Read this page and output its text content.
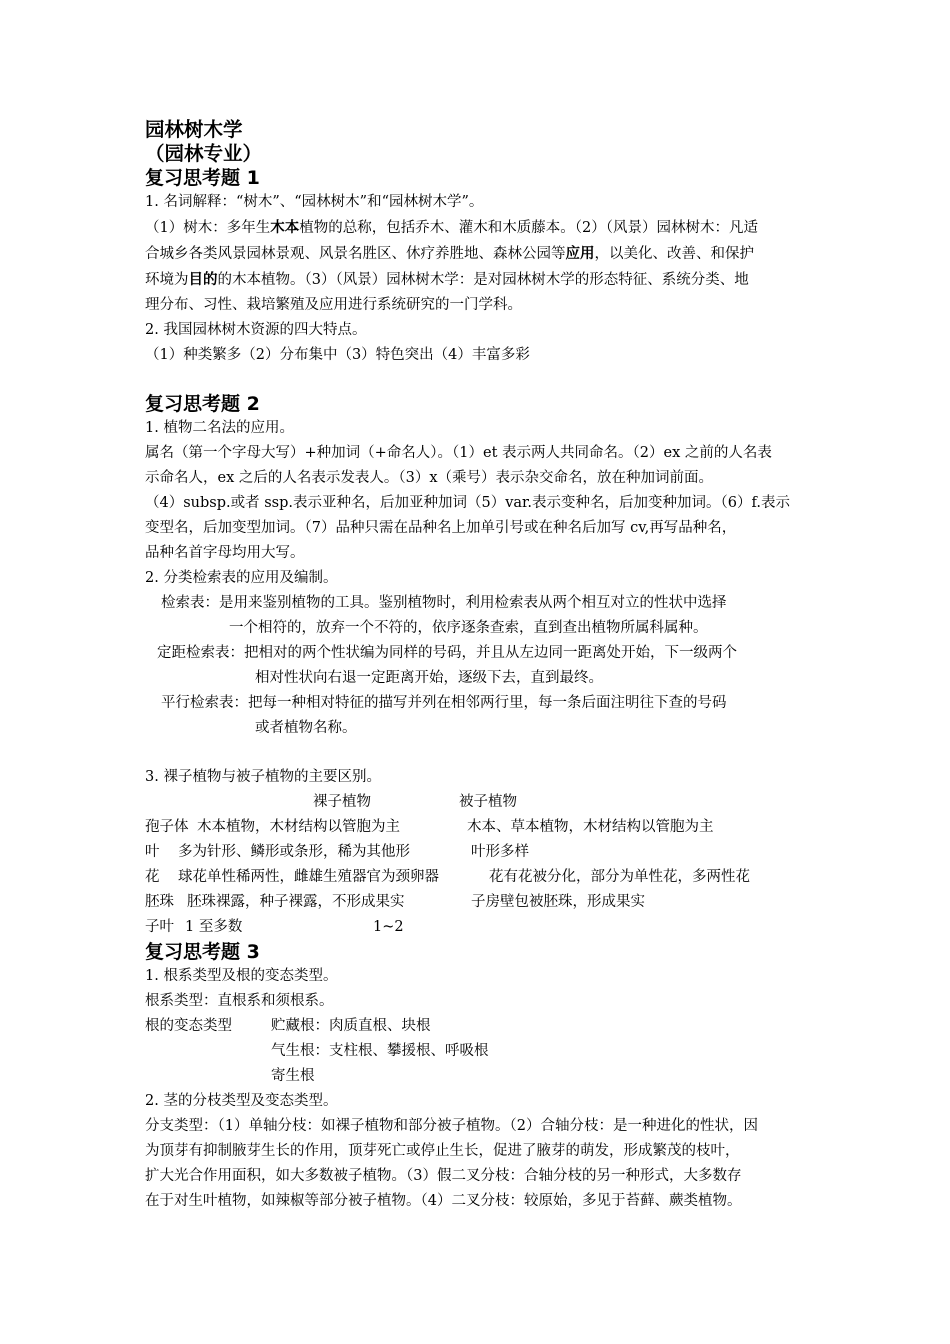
园林树木学
（园林专业）
复习思考题 1
1. 名词解释：“树木”、“园林树木”和“园林树木学”。
（1）树木：多年生木本植物的总称，包括乔木、灌木和木质藤本。（2）（风景）园林树木：凡适
合城乡各类风景园林景观、风景名胜区、休疗养胜地、森林公园等应用，以美化、改善、和保护
环境为目的的木本植物。（3）（风景）园林树木学：是对园林树木学的形态特征、系统分类、地
理分布、习性、栽培繁殖及应用进行系统研究的一门学科。
2. 我国园林树木资源的四大特点。
（1）种类繁多（2）分布集中（3）特色突出（4）丰富多彩
复习思考题 2
1. 植物二名法的应用。
属名（第一个字母大写）+种加词（+命名人）。（1）et 表示两人共同命名。（2）ex 之前的人名表
示命名人，ex 之后的人名表示发表人。（3）x（乘号）表示杂交命名，放在种加词前面。
（4）subsp.或者 ssp.表示亚种名，后加亚种加词（5）var.表示变种名，后加变种加词。（6）f.表示
变型名，后加变型加词。（7）品种只需在品种名上加单引号或在种名后加写 cv,再写品种名，
品种名首字母均用大写。
2. 分类检索表的应用及编制。
检索表：是用来鉴别植物的工具。鉴别植物时，利用检索表从两个相互对立的性状中选择
一个相符的，放弃一个不符的，依序逐条查索，直到查出植物所属科属种。
定距检索表：把相对的两个性状编为同样的号码，并且从左边同一距离处开始，下一级两个
相对性状向右退一定距离开始，逐级下去，直到最终。
平行检索表：把每一种相对特征的描写并列在相邻两行里，每一条后面注明往下查的号码
或者植物名称。
3. 裸子植物与被子植物的主要区别。
裸子植物	被子植物
孢子体 木本植物，木材结构以管胞为主	木本、草本植物，木材结构以管胞为主
叶 多为针形、鳞形或条形，稀为其他形	叶形多样
花 球花单性稀两性，雌雄生殖器官为颈卵器	花有花被分化，部分为单性花，多两性花
胚珠 胚珠裸露，种子裸露，不形成果实	子房壁包被胚珠，形成果实
子叶 1 至多数	1~2
复习思考题 3
1. 根系类型及根的变态类型。
根系类型：直根系和须根系。
根的变态类型	贮藏根：肉质直根、块根
气生根：支柱根、攀援根、呼吸根
寄生根
2. 茎的分枝类型及变态类型。
分支类型：（1）单轴分枝：如裸子植物和部分被子植物。（2）合轴分枝：是一种进化的性状，因
为顶芽有抑制腋芽生长的作用，顶芽死亡或停止生长，促进了腋芽的萌发，形成繁茂的枝叶，
扩大光合作用面积，如大多数被子植物。（3）假二叉分枝：合轴分枝的另一种形式，大多数存
在于对生叶植物，如辣椒等部分被子植物。（4）二叉分枝：较原始，多见于苔藓、蕨类植物。
